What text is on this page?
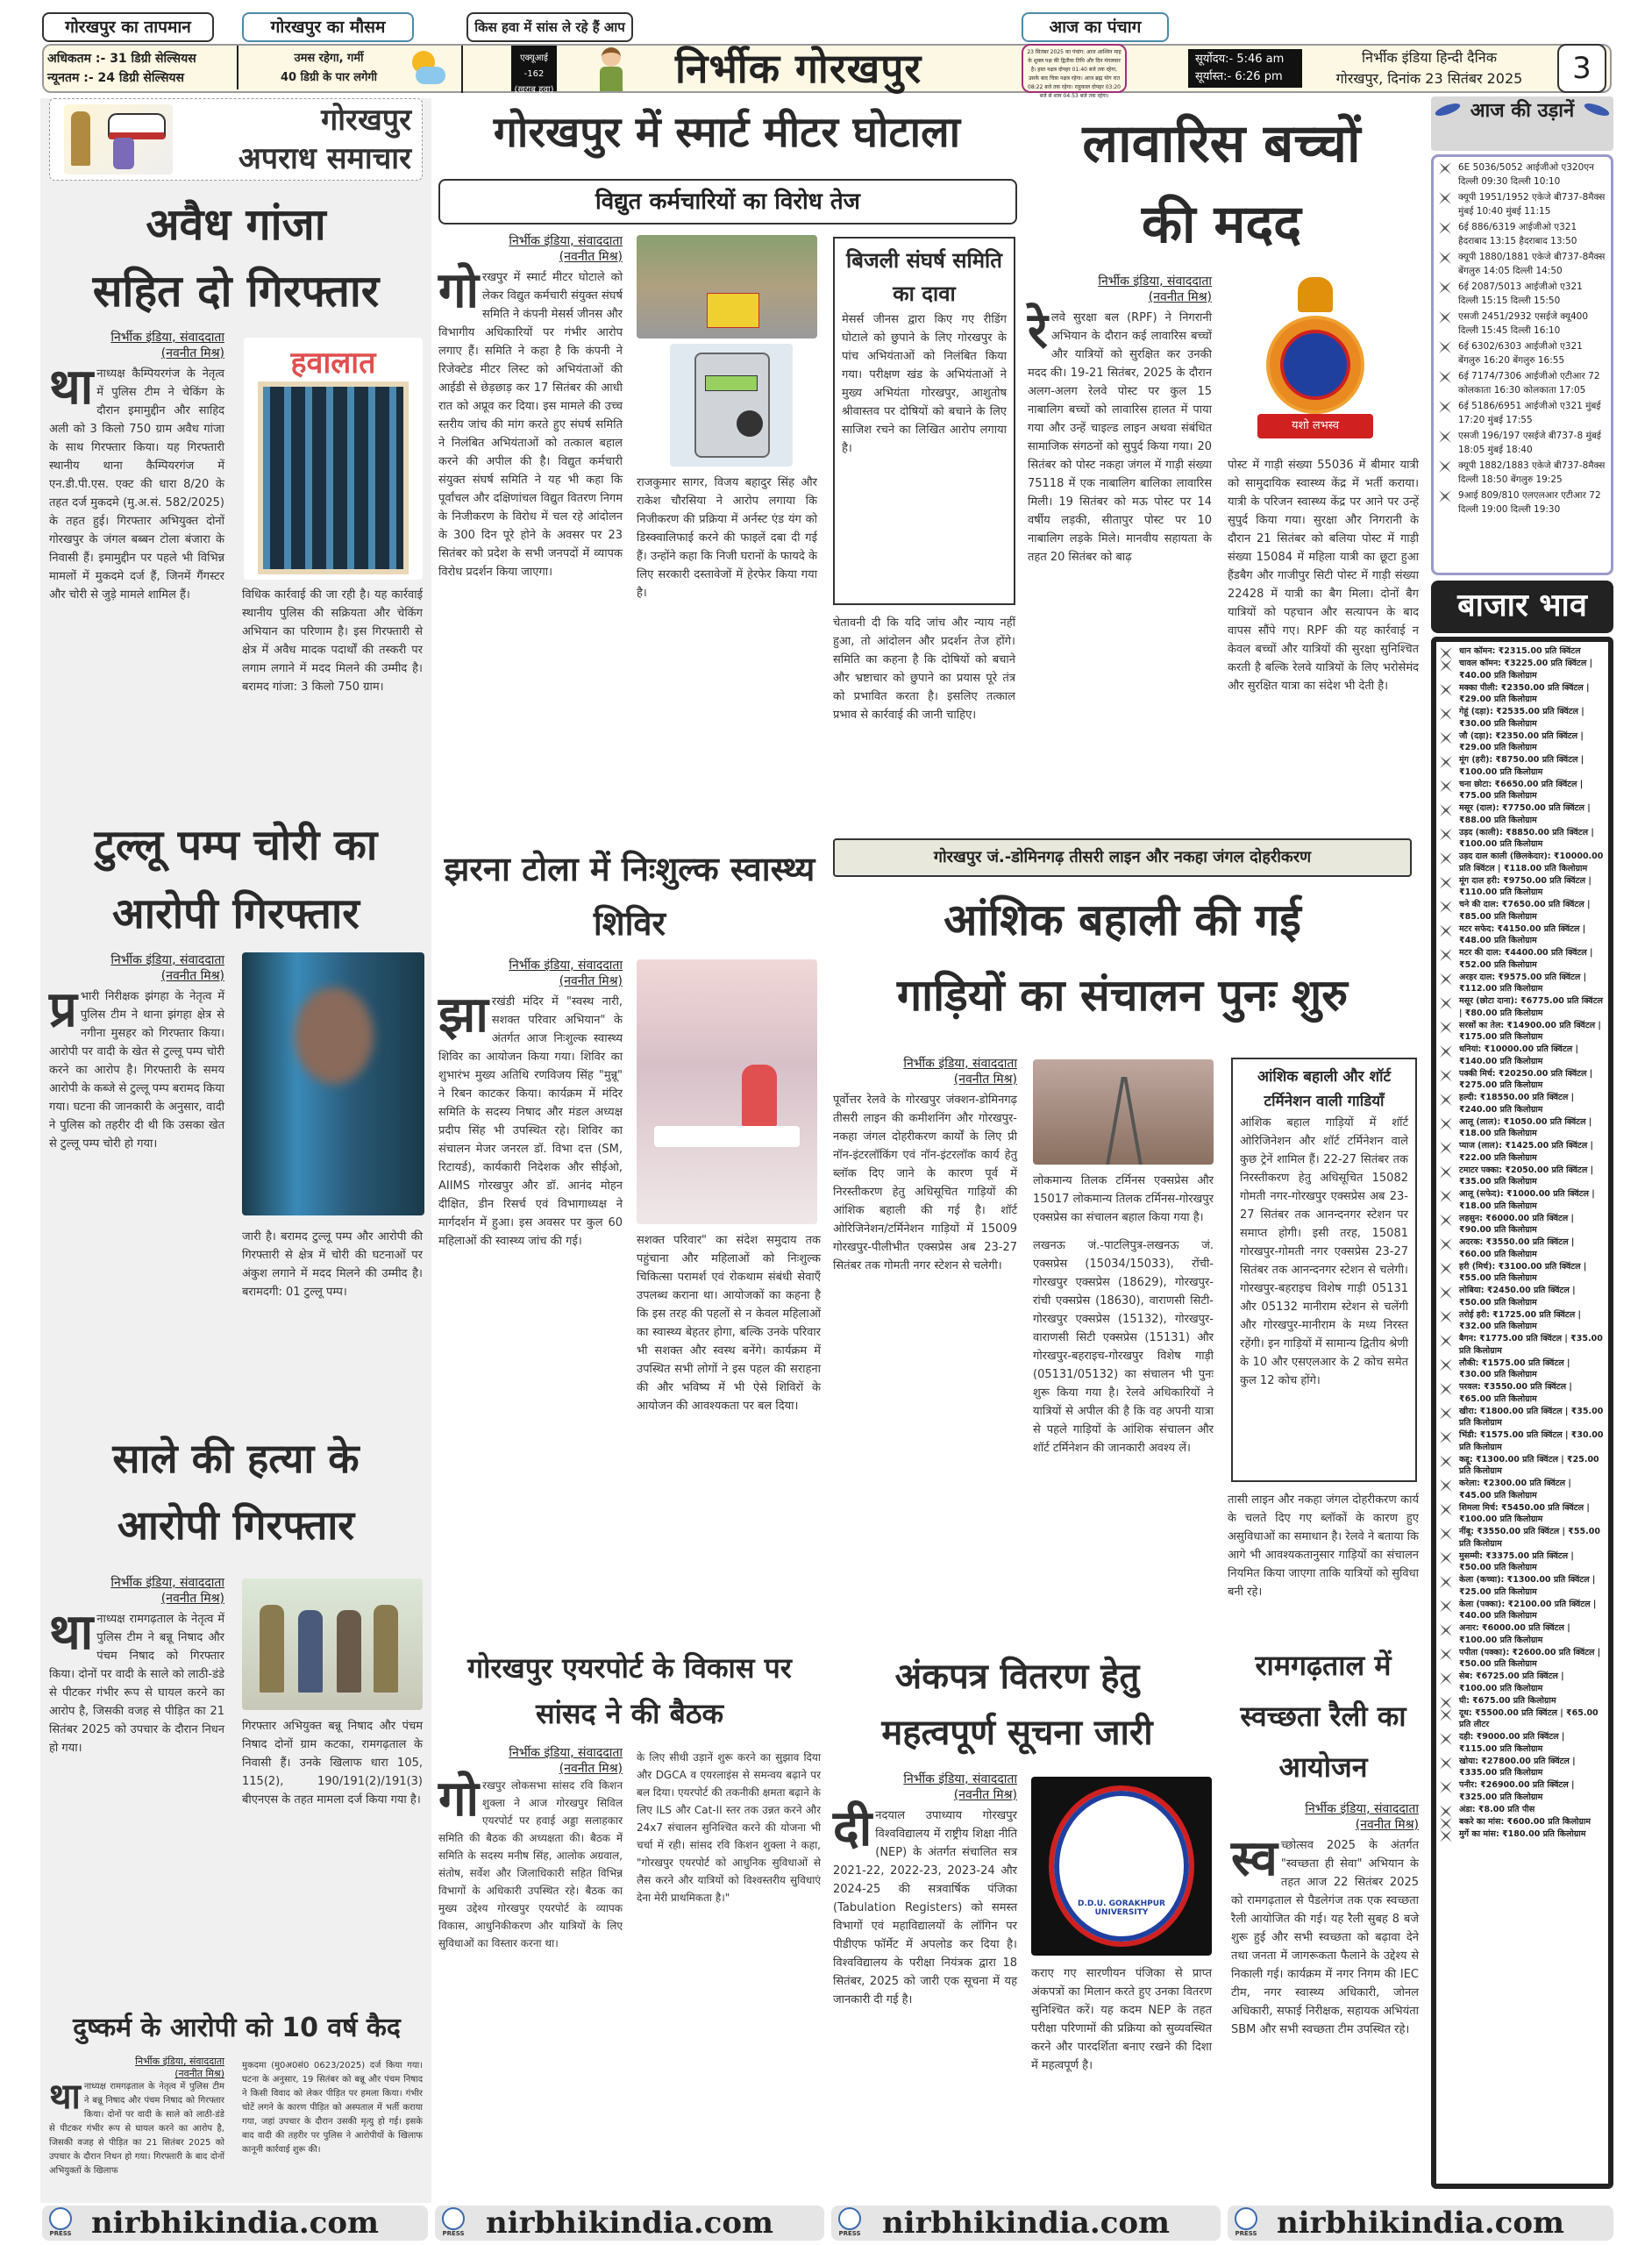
गोरखपुर का तापमान	गोरखपुर का मौसम	किस हवा में सांस ले रहे हैं आप	आज का पंचाग
अधिकतम :- 31 डिग्री सेल्सियस
न्यूनतम :- 24 डिग्री सेल्सियस
उमस रहेगा, गर्मी
40 डिग्री के पार लगेगी
एक्यूआई -162
(खराब हवा)	निर्भीक गोरखपुर	23 सितंबर 2025 का पंचांग: आज आश्विन माह के शुक्ल पक्ष की द्वितीया तिथि और दिन मंगलवार है। हस्त नक्षत्र दोपहर 01:40 बजे तक रहेगा, उसके बाद चित्रा नक्षत्र रहेगा। आज ब्रह्म योग रात 08:22 बजे तक रहेगा। राहुकाल दोपहर 03:20 बजे से शाम 04:53 बजे तक रहेगा।
सूर्योदय:- 5:46 am
सूर्यास्त:- 6:26 pm
निर्भीक इंडिया हिन्दी दैनिक
गोरखपुर, दिनांक 23 सितंबर 2025	3
गोरखपुर
अपराध समाचार
अवैध गांजा
सहित दो गिरफ्तार
निर्भीक इंडिया, संवाददाता
(नवनीत मिश्र)
थानाध्यक्ष कैम्पियरगंज के नेतृत्व में पुलिस टीम ने चेकिंग के दौरान इमामुद्दीन और साहिद अली को 3 किलो 750 ग्राम अवैध गांजा के साथ गिरफ्तार किया। यह गिरफ्तारी स्थानीय थाना कैम्पियरगंज में एन.डी.पी.एस. एक्ट की धारा 8/20 के तहत दर्ज मुकदमे (मु.अ.सं. 582/2025) के तहत हुई। गिरफ्तार अभियुक्त दोनों गोरखपुर के जंगल बब्बन टोला बंजारा के निवासी हैं। इमामुद्दीन पर पहले भी विभिन्न मामलों में मुकदमे दर्ज हैं, जिनमें गैंगस्टर और चोरी से जुड़े मामले शामिल हैं।
हवालात
विधिक कार्रवाई की जा रही है। यह कार्रवाई स्थानीय पुलिस की सक्रियता और चेकिंग अभियान का परिणाम है। इस गिरफ्तारी से क्षेत्र में अवैध मादक पदार्थों की तस्करी पर लगाम लगाने में मदद मिलने की उम्मीद है। बरामद गांजा: 3 किलो 750 ग्राम।
टुल्लू पम्प चोरी का
आरोपी गिरफ्तार
निर्भीक इंडिया, संवाददाता
(नवनीत मिश्र)
प्र भारी निरीक्षक झंगहा के नेतृत्व में पुलिस टीम ने थाना झंगहा क्षेत्र से नगीना मुसहर को गिरफ्तार किया। आरोपी पर वादी के खेत से टुल्लू पम्प चोरी करने का आरोप है। गिरफ्तारी के समय आरोपी के कब्जे से टुल्लू पम्प बरामद किया गया। घटना की जानकारी के अनुसार, वादी ने पुलिस को तहरीर दी थी कि उसका खेत से टुल्लू पम्प चोरी हो गया।
जारी है। बरामद टुल्लू पम्प और आरोपी की गिरफ्तारी से क्षेत्र में चोरी की घटनाओं पर अंकुश लगाने में मदद मिलने की उम्मीद है। बरामदगी: 01 टुल्लू पम्प।
साले की हत्या के
आरोपी गिरफ्तार
निर्भीक इंडिया, संवाददाता
(नवनीत मिश्र)
थानाध्यक्ष रामगढ़ताल के नेतृत्व में पुलिस टीम ने बन्नू निषाद और पंचम निषाद को गिरफ्तार किया। दोनों पर वादी के साले को लाठी-डंडे से पीटकर गंभीर रूप से घायल करने का आरोप है, जिसकी वजह से पीड़ित का 21 सितंबर 2025 को उपचार के दौरान निधन हो गया।
गिरफ्तार अभियुक्त बन्नू निषाद और पंचम निषाद दोनों ग्राम कटका, रामगढ़ताल के निवासी हैं। उनके खिलाफ धारा 105, 115(2), 190/191(2)/191(3) बीएनएस के तहत मामला दर्ज किया गया है।
दुष्कर्म के आरोपी को 10 वर्ष कैद
निर्भीक इंडिया, संवाददाता
(नवनीत मिश्र)
थानाध्यक्ष रामगढ़ताल के नेतृत्व में पुलिस टीम ने बन्नू निषाद और पंचम निषाद को गिरफ्तार किया। दोनों पर वादी के साले को लाठी-डंडे से पीटकर गंभीर रूप से घायल करने का आरोप है, जिसकी वजह से पीड़ित का 21 सितंबर 2025 को उपचार के दौरान निधन हो गया। गिरफ्तारी के बाद दोनों अभियुक्तों के खिलाफ
मुकदमा (मु0अ0सं0 0623/2025) दर्ज किया गया। घटना के अनुसार, 19 सितंबर को बन्नू और पंचम निषाद ने किसी विवाद को लेकर पीड़ित पर हमला किया। गंभीर चोटें लगने के कारण पीड़ित को अस्पताल में भर्ती कराया गया, जहां उपचार के दौरान उसकी मृत्यु हो गई। इसके बाद वादी की तहरीर पर पुलिस ने आरोपीयों के खिलाफ कानूनी कार्रवाई शुरू की।
गोरखपुर में स्मार्ट मीटर घोटाला
विद्युत कर्मचारियों का विरोध तेज
निर्भीक इंडिया, संवाददाता
(नवनीत मिश्र)
गोरखपुर में स्मार्ट मीटर घोटाले को लेकर विद्युत कर्मचारी संयुक्त संघर्ष समिति ने कंपनी मेसर्स जीनस और विभागीय अधिकारियों पर गंभीर आरोप लगाए हैं। समिति ने कहा है कि कंपनी ने रिजेक्टेड मीटर लिस्ट को अभियंताओं की आईडी से छेड़छाड़ कर 17 सितंबर की आधी रात को अप्रूव कर दिया। इस मामले की उच्च स्तरीय जांच की मांग करते हुए संघर्ष समिति ने निलंबित अभियंताओं को तत्काल बहाल करने की अपील की है। विद्युत कर्मचारी संयुक्त संघर्ष समिति ने यह भी कहा कि पूर्वांचल और दक्षिणांचल विद्युत वितरण निगम के निजीकरण के विरोध में चल रहे आंदोलन के 300 दिन पूरे होने के अवसर पर 23 सितंबर को प्रदेश के सभी जनपदों में व्यापक विरोध प्रदर्शन किया जाएगा।
राजकुमार सागर, विजय बहादुर सिंह और राकेश चौरसिया ने आरोप लगाया कि निजीकरण की प्रक्रिया में अर्नस्ट एंड यंग को डिस्क्वालिफाई करने की फाइलें दबा दी गई हैं। उन्होंने कहा कि निजी घरानों के फायदे के लिए सरकारी दस्तावेजों में हेरफेर किया गया है।
बिजली संघर्ष समिति का दावा
मेसर्स जीनस द्वारा किए गए रीडिंग घोटाले को छुपाने के लिए गोरखपुर के पांच अभियंताओं को निलंबित किया गया। परीक्षण खंड के अभियंताओं ने मुख्य अभियंता गोरखपुर, आशुतोष श्रीवास्तव पर दोषियों को बचाने के लिए साजिश रचने का लिखित आरोप लगाया है।
चेतावनी दी कि यदि जांच और न्याय नहीं हुआ, तो आंदोलन और प्रदर्शन तेज होंगे। समिति का कहना है कि दोषियों को बचाने और भ्रष्टाचार को छुपाने का प्रयास पूरे तंत्र को प्रभावित करता है। इसलिए तत्काल प्रभाव से कार्रवाई की जानी चाहिए।
लावारिस बच्चों
की मदद
निर्भीक इंडिया, संवाददाता
(नवनीत मिश्र)
रेलवे सुरक्षा बल (RPF) ने निगरानी अभियान के दौरान कई लावारिस बच्चों और यात्रियों को सुरक्षित कर उनकी मदद की। 19-21 सितंबर, 2025 के दौरान अलग-अलग रेलवे पोस्ट पर कुल 15 नाबालिग बच्चों को लावारिस हालत में पाया गया और उन्हें चाइल्ड लाइन अथवा संबंधित सामाजिक संगठनों को सुपुर्द किया गया। 20 सितंबर को पोस्ट नकहा जंगल में गाड़ी संख्या 75118 में एक नाबालिग बालिका लावारिस मिली। 19 सितंबर को मऊ पोस्ट पर 14 वर्षीय लड़की, सीतापुर पोस्ट पर 10 नाबालिग लड़के मिले। मानवीय सहायता के तहत 20 सितंबर को बाढ़
यशो लभस्व
पोस्ट में गाड़ी संख्या 55036 में बीमार यात्री को सामुदायिक स्वास्थ्य केंद्र में भर्ती कराया। यात्री के परिजन स्वास्थ्य केंद्र पर आने पर उन्हें सुपुर्द किया गया। सुरक्षा और निगरानी के दौरान 21 सितंबर को बलिया पोस्ट में गाड़ी संख्या 15084 में महिला यात्री का छूटा हुआ हैंडबैग और गाजीपुर सिटी पोस्ट में गाड़ी संख्या 22428 में यात्री का बैग मिला। दोनों बैग यात्रियों को पहचान और सत्यापन के बाद वापस सौंपे गए। RPF की यह कार्रवाई न केवल बच्चों और यात्रियों की सुरक्षा सुनिश्चित करती है बल्कि रेलवे यात्रियों के लिए भरोसेमंद और सुरक्षित यात्रा का संदेश भी देती है।
झरना टोला में निःशुल्क स्वास्थ्य शिविर
निर्भीक इंडिया, संवाददाता
(नवनीत मिश्र)
झारखंडी मंदिर में "स्वस्थ नारी, सशक्त परिवार अभियान" के अंतर्गत आज निःशुल्क स्वास्थ्य शिविर का आयोजन किया गया। शिविर का शुभारंभ मुख्य अतिथि रणविजय सिंह "मुन्नू" ने रिबन काटकर किया। कार्यक्रम में मंदिर समिति के सदस्य निषाद और मंडल अध्यक्ष प्रदीप सिंह भी उपस्थित रहे। शिविर का संचालन मेजर जनरल डॉ. विभा दत्त (SM, रिटायर्ड), कार्यकारी निदेशक और सीईओ, AIIMS गोरखपुर और डॉ. आनंद मोहन दीक्षित, डीन रिसर्च एवं विभागाध्यक्ष ने मार्गदर्शन में हुआ। इस अवसर पर कुल 60 महिलाओं की स्वास्थ्य जांच की गई।	सशक्त परिवार" का संदेश समुदाय तक पहुंचाना और महिलाओं को निःशुल्क चिकित्सा परामर्श एवं रोकथाम संबंधी सेवाएँ उपलब्ध कराना था। आयोजकों का कहना है कि इस तरह की पहलों से न केवल महिलाओं का स्वास्थ्य बेहतर होगा, बल्कि उनके परिवार भी सशक्त और स्वस्थ बनेंगे। कार्यक्रम में उपस्थित सभी लोगों ने इस पहल की सराहना की और भविष्य में भी ऐसे शिविरों के आयोजन की आवश्यकता पर बल दिया।
गोरखपुर जं.-डोमिनगढ़ तीसरी लाइन और नकहा जंगल दोहरीकरण
आंशिक बहाली की गई
गाड़ियों का संचालन पुनः शुरु
निर्भीक इंडिया, संवाददाता
(नवनीत मिश्र)
पूर्वोत्तर रेलवे के गोरखपुर जंक्शन-डोमिनगढ़ तीसरी लाइन की कमीशनिंग और गोरखपुर-नकहा जंगल दोहरीकरण कार्यों के लिए प्री नॉन-इंटरलॉकिंग एवं नॉन-इंटरलॉक कार्य हेतु ब्लॉक दिए जाने के कारण पूर्व में निरस्तीकरण हेतु अधिसूचित गाड़ियों की आंशिक बहाली की गई है। शॉर्ट ओरिजिनेशन/टर्मिनेशन गाड़ियों में 15009 गोरखपुर-पीलीभीत एक्सप्रेस अब 23-27 सितंबर तक गोमती नगर स्टेशन से चलेगी।
लोकमान्य तिलक टर्मिनस एक्सप्रेस और 15017 लोकमान्य तिलक टर्मिनस-गोरखपुर एक्सप्रेस का संचालन बहाल किया गया है।
लखनऊ जं.-पाटलिपुत्र-लखनऊ जं. एक्सप्रेस (15034/15033), रोंची-गोरखपुर एक्सप्रेस (18629), गोरखपुर-रांची एक्सप्रेस (18630), वाराणसी सिटी-गोरखपुर एक्सप्रेस (15132), गोरखपुर-वाराणसी सिटी एक्सप्रेस (15131) और गोरखपुर-बहराइच-गोरखपुर विशेष गाड़ी (05131/05132) का संचालन भी पुनः शुरू किया गया है। रेलवे अधिकारियों ने यात्रियों से अपील की है कि वह अपनी यात्रा से पहले गाड़ियों के आंशिक संचालन और शॉर्ट टर्मिनेशन की जानकारी अवश्य लें।
आंशिक बहाली और शॉर्ट टर्मिनेशन वाली गाडियाँ
आंशिक बहाल गाड़ियों में शॉर्ट ओरिजिनेशन और शॉर्ट टर्मिनेशन वाले कुछ ट्रेनें शामिल हैं। 22-27 सितंबर तक निरस्तीकरण हेतु अधिसूचित 15082 गोमती नगर-गोरखपुर एक्सप्रेस अब 23-27 सितंबर तक आनन्दनगर स्टेशन पर समाप्त होगी। इसी तरह, 15081 गोरखपुर-गोमती नगर एक्सप्रेस 23-27 सितंबर तक आनन्दनगर स्टेशन से चलेगी। गोरखपुर-बहराइच विशेष गाड़ी 05131 और 05132 मानीराम स्टेशन से चलेंगी और गोरखपुर-मानीराम के मध्य निरस्त रहेंगी। इन गाड़ियों में सामान्य द्वितीय श्रेणी के 10 और एसएलआर के 2 कोच समेत कुल 12 कोच होंगे।
तासी लाइन और नकहा जंगल दोहरीकरण कार्य के चलते दिए गए ब्लॉकों के कारण हुए असुविधाओं का समाधान है। रेलवे ने बताया कि आगे भी आवश्यकतानुसार गाड़ियों का संचालन नियमित किया जाएगा ताकि यात्रियों को सुविधा बनी रहे।
गोरखपुर एयरपोर्ट के विकास पर सांसद ने की बैठक
निर्भीक इंडिया, संवाददाता
(नवनीत मिश्र)
गोरखपुर लोकसभा सांसद रवि किशन शुक्ला ने आज गोरखपुर सिविल एयरपोर्ट पर हवाई अड्डा सलाहकार समिति की बैठक की अध्यक्षता की। बैठक में समिति के सदस्य मनीष सिंह, आलोक अग्रवाल, संतोष, सर्वेश और जिलाधिकारी सहित विभिन्न विभागों के अधिकारी उपस्थित रहे। बैठक का मुख्य उद्देश्य गोरखपुर एयरपोर्ट के व्यापक विकास, आधुनिकीकरण और यात्रियों के लिए सुविधाओं का विस्तार करना था।
के लिए सीधी उड़ानें शुरू करने का सुझाव दिया और DGCA व एयरलाइंस से समन्वय बढ़ाने पर बल दिया। एयरपोर्ट की तकनीकी क्षमता बढ़ाने के लिए ILS और Cat-II स्तर तक उन्नत करने और 24x7 संचालन सुनिश्चित करने की योजना भी चर्चा में रही। सांसद रवि किशन शुक्ला ने कहा, "गोरखपुर एयरपोर्ट को आधुनिक सुविधाओं से लैस करने और यात्रियों को विश्वस्तरीय सुविधाएं देना मेरी प्राथमिकता है।"
अंकपत्र वितरण हेतु महत्वपूर्ण सूचना जारी
निर्भीक इंडिया, संवाददाता
(नवनीत मिश्र)
दीनदयाल उपाध्याय गोरखपुर विश्वविद्यालय में राष्ट्रीय शिक्षा नीति (NEP) के अंतर्गत संचालित सत्र 2021-22, 2022-23, 2023-24 और 2024-25 की सत्रवार्षिक पंजिका (Tabulation Registers) को समस्त विभागों एवं महाविद्यालयों के लॉगिन पर पीडीएफ फॉर्मेट में अपलोड कर दिया है। विश्वविद्यालय के परीक्षा नियंत्रक द्वारा 18 सितंबर, 2025 को जारी एक सूचना में यह जानकारी दी गई है।
D.D.U. GORAKHPUR UNIVERSITY
कराए गए सारणीयन पंजिका से प्राप्त अंकपत्रों का मिलान करते हुए उनका वितरण सुनिश्चित करें। यह कदम NEP के तहत परीक्षा परिणामों की प्रक्रिया को सुव्यवस्थित करने और पारदर्शिता बनाए रखने की दिशा में महत्वपूर्ण है।
रामगढ़ताल में स्वच्छता रैली का आयोजन
निर्भीक इंडिया, संवाददाता
(नवनीत मिश्र)
स्व च्छोत्सव 2025 के अंतर्गत "स्वच्छता ही सेवा" अभियान के तहत आज 22 सितंबर 2025 को रामगढ़ताल से पैडलेगंज तक एक स्वच्छता रैली आयोजित की गई। यह रैली सुबह 8 बजे शुरू हुई और सभी स्वच्छता को बढ़ावा देने तथा जनता में जागरूकता फैलाने के उद्देश्य से निकाली गई। कार्यक्रम में नगर निगम की IEC टीम, नगर स्वास्थ्य अधिकारी, जोनल अधिकारी, सफाई निरीक्षक, सहायक अभियंता SBM और सभी स्वच्छता टीम उपस्थित रहे।
आज की उड़ानें
6E 5036/5052 आईजीओ ए320एन दिल्ली 09:30 दिल्ली 10:10
क्यूपी 1951/1952 एकेजे बी737-8मैक्स मुंबई 10:40 मुंबई 11:15
6ई 886/6319 आईजीओ ए321 हैदराबाद 13:15 हैदराबाद 13:50
क्यूपी 1880/1881 एकेजे बी737-8मैक्स बेंगलुरु 14:05 दिल्ली 14:50
6ई 2087/5013 आईजीओ ए321 दिल्ली 15:15 दिल्ली 15:50
एसजी 2451/2932 एसईजे क्यू400 दिल्ली 15:45 दिल्ली 16:10
6ई 6302/6303 आईजीओ ए321 बेंगलुरु 16:20 बेंगलुरु 16:55
6ई 7174/7306 आईजीओ एटीआर 72 कोलकाता 16:30 कोलकाता 17:05
6ई 5186/6951 आईजीओ ए321 मुंबई 17:20 मुंबई 17:55
एसजी 196/197 एसईजे बी737-8 मुंबई 18:05 मुंबई 18:40
क्यूपी 1882/1883 एकेजे बी737-8मैक्स दिल्ली 18:50 बेंगलुरु 19:25
9आई 809/810 एलएलआर एटीआर 72 दिल्ली 19:00 दिल्ली 19:30
बाजार भाव
धान कॉमन: ₹2315.00 प्रति क्विंटल
चावल कॉमन: ₹3225.00 प्रति क्विंटल | ₹40.00 प्रति किलोग्राम
मक्का पीली: ₹2350.00 प्रति क्विंटल | ₹29.00 प्रति किलोग्राम
गेहूं (दड़ा): ₹2535.00 प्रति क्विंटल | ₹30.00 प्रति किलोग्राम
जौ (दड़ा): ₹2350.00 प्रति क्विंटल | ₹29.00 प्रति किलोग्राम
मूंग (हरी): ₹8750.00 प्रति क्विंटल | ₹100.00 प्रति किलोग्राम
चना छोटा: ₹6650.00 प्रति क्विंटल | ₹75.00 प्रति किलोग्राम
मसूर (दाल): ₹7750.00 प्रति क्विंटल | ₹88.00 प्रति किलोग्राम
उड़द (काली): ₹8850.00 प्रति क्विंटल | ₹100.00 प्रति किलोग्राम
उड़द दाल काली (छिलकेदार): ₹10000.00 प्रति क्विंटल | ₹118.00 प्रति किलोग्राम
मूंग दाल हरी: ₹9750.00 प्रति क्विंटल | ₹110.00 प्रति किलोग्राम
चने की दाल: ₹7650.00 प्रति क्विंटल | ₹85.00 प्रति किलोग्राम
मटर सफेद: ₹4150.00 प्रति क्विंटल | ₹48.00 प्रति किलोग्राम
मटर की दाल: ₹4400.00 प्रति क्विंटल | ₹52.00 प्रति किलोग्राम
अरहर दाल: ₹9575.00 प्रति क्विंटल | ₹112.00 प्रति किलोग्राम
मसूर (छोटा दाना): ₹6775.00 प्रति क्विंटल | ₹80.00 प्रति किलोग्राम
सरसों का तेल: ₹14900.00 प्रति क्विंटल | ₹175.00 प्रति किलोग्राम
धनियां: ₹10000.00 प्रति क्विंटल | ₹140.00 प्रति किलोग्राम
पक्की मिर्च: ₹20250.00 प्रति क्विंटल | ₹275.00 प्रति किलोग्राम
हल्दी: ₹18550.00 प्रति क्विंटल | ₹240.00 प्रति किलोग्राम
आलू (लाल): ₹1050.00 प्रति क्विंटल | ₹18.00 प्रति किलोग्राम
प्याज (लाल): ₹1425.00 प्रति क्विंटल | ₹22.00 प्रति किलोग्राम
टमाटर पक्का: ₹2050.00 प्रति क्विंटल | ₹35.00 प्रति किलोग्राम
आलू (सफेद): ₹1000.00 प्रति क्विंटल | ₹18.00 प्रति किलोग्राम
लहसुन: ₹6000.00 प्रति क्विंटल | ₹90.00 प्रति किलोग्राम
अदरक: ₹3550.00 प्रति क्विंटल | ₹60.00 प्रति किलोग्राम
हरी (मिर्च): ₹3100.00 प्रति क्विंटल | ₹55.00 प्रति किलोग्राम
लोबिया: ₹2450.00 प्रति क्विंटल | ₹50.00 प्रति किलोग्राम
तरोई हरी: ₹1725.00 प्रति क्विंटल | ₹32.00 प्रति किलोग्राम
बैगन: ₹1775.00 प्रति क्विंटल | ₹35.00 प्रति किलोग्राम
लौकी: ₹1575.00 प्रति क्विंटल | ₹30.00 प्रति किलोग्राम
परवल: ₹3550.00 प्रति क्विंटल | ₹65.00 प्रति किलोग्राम
खीरा: ₹1800.00 प्रति क्विंटल | ₹35.00 प्रति किलोग्राम
भिंडी: ₹1575.00 प्रति क्विंटल | ₹30.00 प्रति किलोग्राम
कद्दू: ₹1300.00 प्रति क्विंटल | ₹25.00 प्रति किलोग्राम
करेला: ₹2300.00 प्रति क्विंटल | ₹45.00 प्रति किलोग्राम
शिमला मिर्च: ₹5450.00 प्रति क्विंटल | ₹100.00 प्रति किलोग्राम
नींबू: ₹3550.00 प्रति क्विंटल | ₹55.00 प्रति किलोग्राम
मुसम्मी: ₹3375.00 प्रति क्विंटल | ₹50.00 प्रति किलोग्राम
केला (कच्चा): ₹1300.00 प्रति क्विंटल | ₹25.00 प्रति किलोग्राम
केला (पक्का): ₹2100.00 प्रति क्विंटल | ₹40.00 प्रति किलोग्राम
अनार: ₹6000.00 प्रति क्विंटल | ₹100.00 प्रति किलोग्राम
पपीता (पक्का): ₹2600.00 प्रति क्विंटल | ₹50.00 प्रति किलोग्राम
सेब: ₹6725.00 प्रति क्विंटल | ₹100.00 प्रति किलोग्राम
घी: ₹675.00 प्रति किलोग्राम
दूध: ₹5500.00 प्रति क्विंटल | ₹65.00 प्रति लीटर
दही: ₹9000.00 प्रति क्विंटल | ₹115.00 प्रति किलोग्राम
खोया: ₹27800.00 प्रति क्विंटल | ₹335.00 प्रति किलोग्राम
पनीर: ₹26900.00 प्रति क्विंटल | ₹325.00 प्रति किलोग्राम
अंडा: ₹8.00 प्रति पीस
बकरे का मांस: ₹600.00 प्रति किलोग्राम
मुर्गे का मांस: ₹180.00 प्रति किलोग्राम
PRESS nirbhikindia.com	PRESS nirbhikindia.com	PRESS nirbhikindia.com	PRESS nirbhikindia.com
